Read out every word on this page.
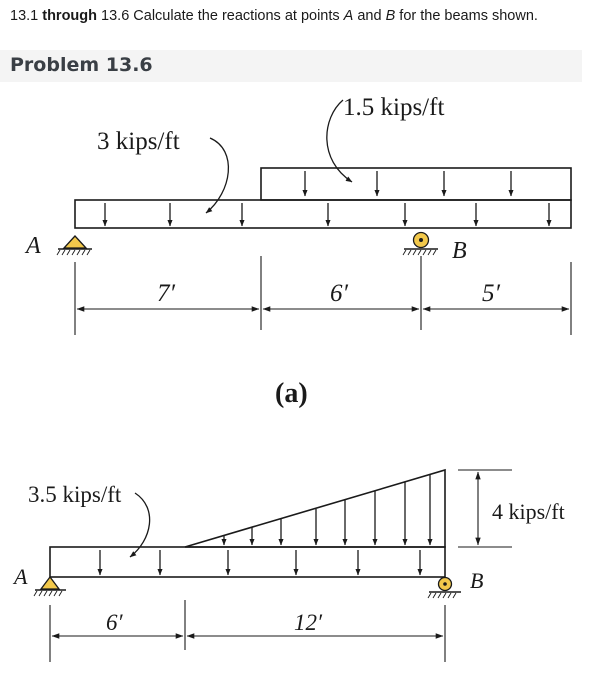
13.1 through 13.6 Calculate the reactions at points A and B for the beams shown.
Problem 13.6
1.5 kips/ft
3 kips/ft
A	B
7′	6′	5′
(a)
3.5 kips/ft
4 kips/ft
A	B
6′	12′
